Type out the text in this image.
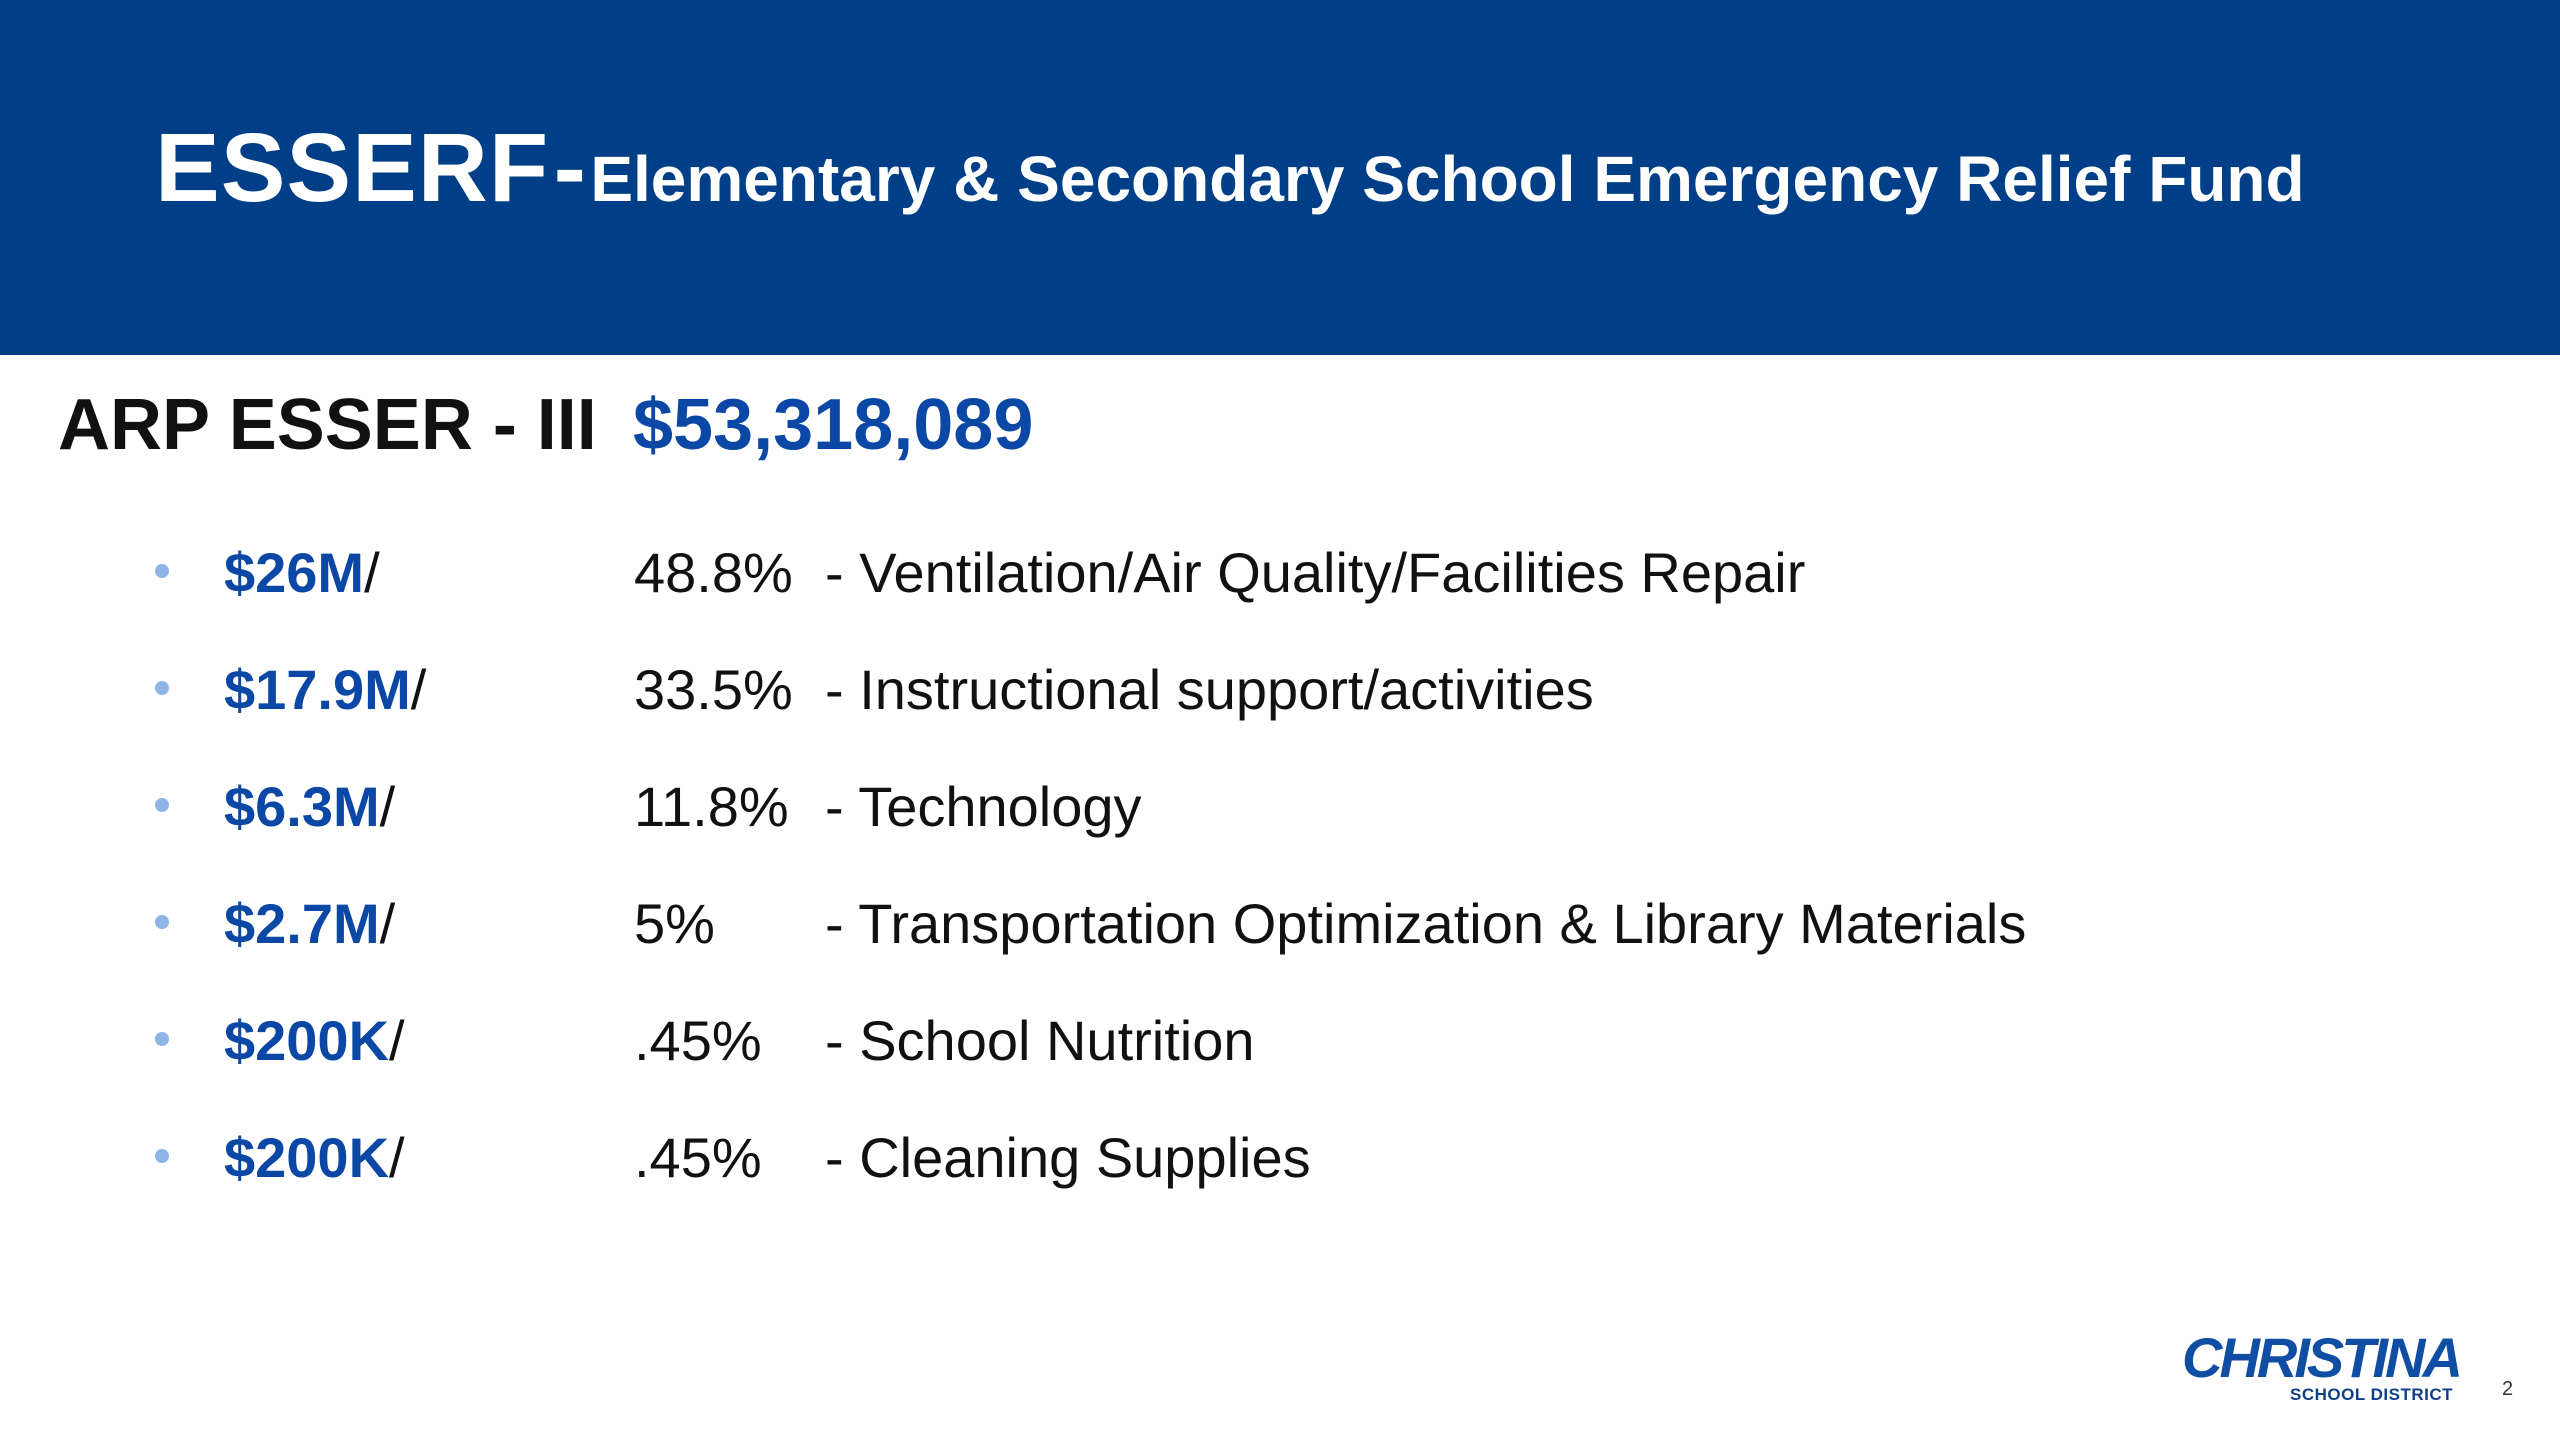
ESSERF - Elementary & Secondary School Emergency Relief Fund
ARP ESSER - III $53,318,089
$26M/	48.8% - Ventilation/Air Quality/Facilities Repair
$17.9M/	33.5% - Instructional support/activities
$6.3M/	11.8% - Technology
$2.7M/	5% - Transportation Optimization & Library Materials
$200K/	.45% - School Nutrition
$200K/	.45% - Cleaning Supplies
CHRISTINA
SCHOOL DISTRICT 2
